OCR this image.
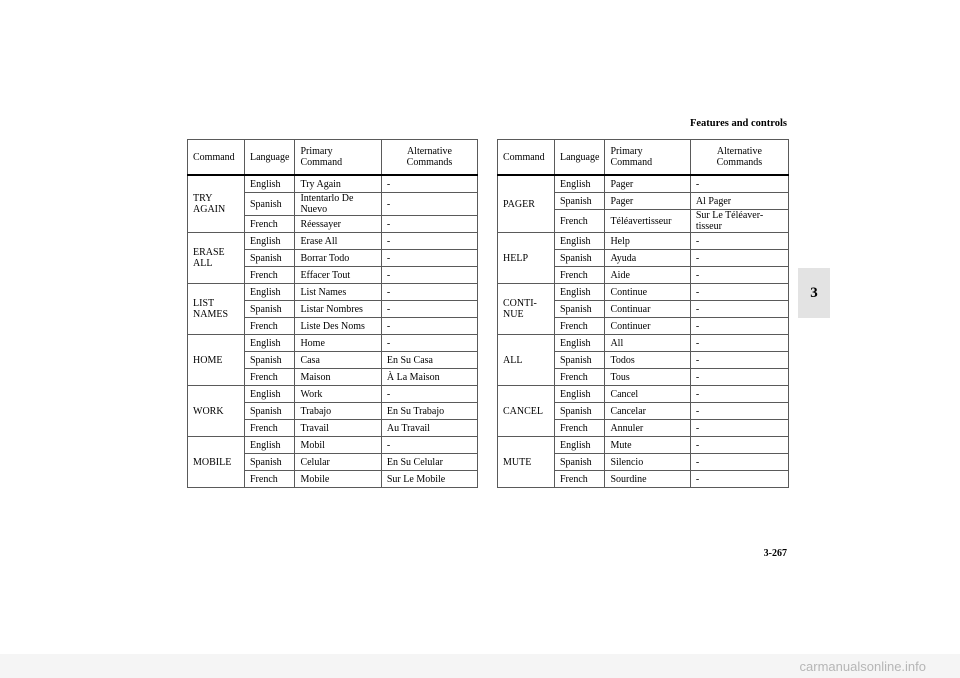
Features and controls
3
3-267
Command	Language	Primary Command	Alternative Commands
TRY AGAIN	English	Try Again	-
	Spanish	Intentarlo De Nuevo	-
	French	Réessayer	-
ERASE ALL	English	Erase All	-
	Spanish	Borrar Todo	-
	French	Effacer Tout	-
LIST NAMES	English	List Names	-
	Spanish	Listar Nombres	-
	French	Liste Des Noms	-
HOME	English	Home	-
	Spanish	Casa	En Su Casa
	French	Maison	À La Maison
WORK	English	Work	-
	Spanish	Trabajo	En Su Trabajo
	French	Travail	Au Travail
MOBILE	English	Mobil	-
	Spanish	Celular	En Su Celular
	French	Mobile	Sur Le Mobile
Command	Language	Primary Command	Alternative Commands
PAGER	English	Pager	-
	Spanish	Pager	Al Pager
	French	Téléavertisseur	Sur Le Téléaver-tisseur
HELP	English	Help	-
	Spanish	Ayuda	-
	French	Aide	-
CONTI-NUE	English	Continue	-
	Spanish	Continuar	-
	French	Continuer	-
ALL	English	All	-
	Spanish	Todos	-
	French	Tous	-
CANCEL	English	Cancel	-
	Spanish	Cancelar	-
	French	Annuler	-
MUTE	English	Mute	-
	Spanish	Silencio	-
	French	Sourdine	-
carmanualsonline.info
